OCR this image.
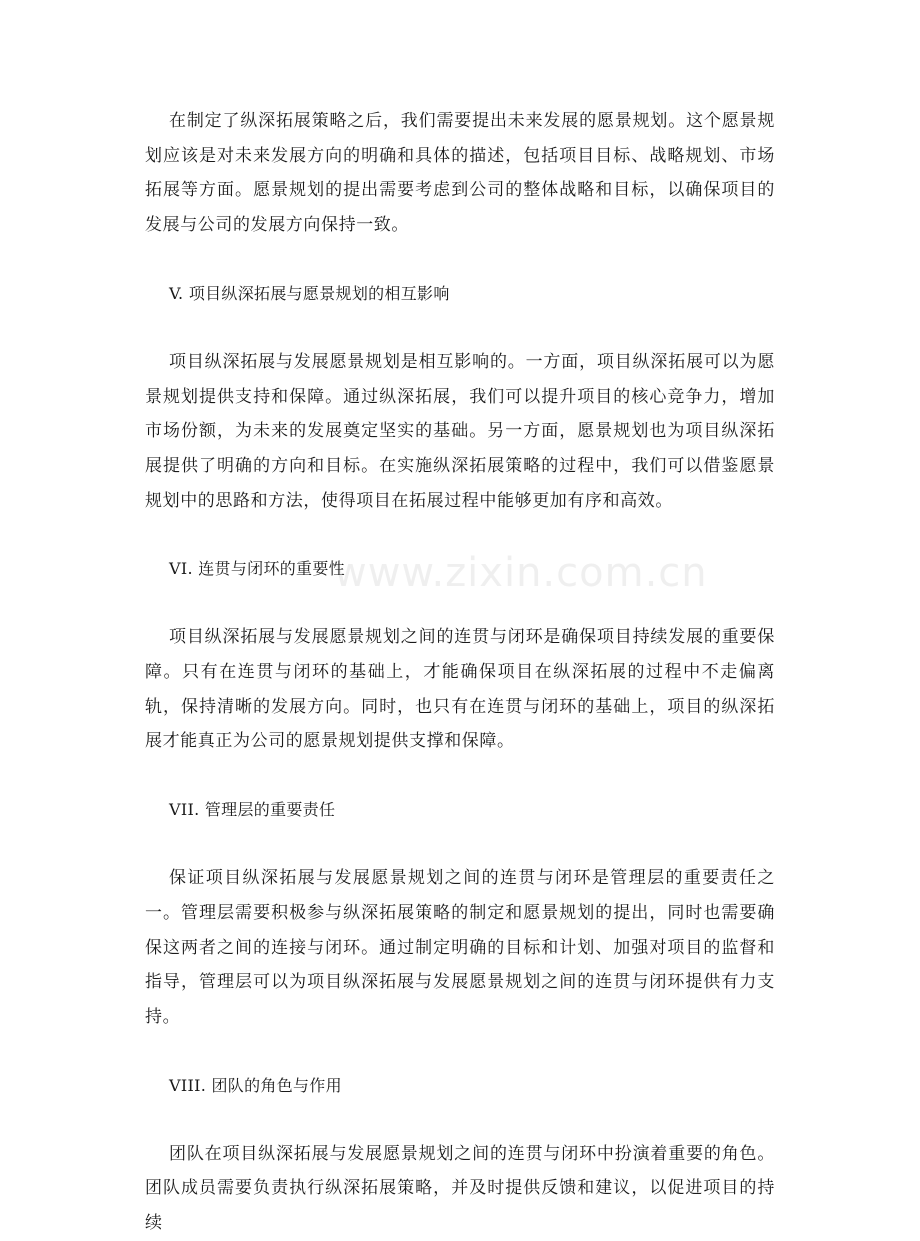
www.zixin.com.cn

在制定了纵深拓展策略之后，我们需要提出未来发展的愿景规划。这个愿景规划应该是对未来发展方向的明确和具体的描述，包括项目目标、战略规划、市场拓展等方面。愿景规划的提出需要考虑到公司的整体战略和目标，以确保项目的发展与公司的发展方向保持一致。

V. 项目纵深拓展与愿景规划的相互影响

项目纵深拓展与发展愿景规划是相互影响的。一方面，项目纵深拓展可以为愿景规划提供支持和保障。通过纵深拓展，我们可以提升项目的核心竞争力，增加市场份额，为未来的发展奠定坚实的基础。另一方面，愿景规划也为项目纵深拓展提供了明确的方向和目标。在实施纵深拓展策略的过程中，我们可以借鉴愿景规划中的思路和方法，使得项目在拓展过程中能够更加有序和高效。

VI. 连贯与闭环的重要性

项目纵深拓展与发展愿景规划之间的连贯与闭环是确保项目持续发展的重要保障。只有在连贯与闭环的基础上，才能确保项目在纵深拓展的过程中不走偏离轨，保持清晰的发展方向。同时，也只有在连贯与闭环的基础上，项目的纵深拓展才能真正为公司的愿景规划提供支撑和保障。

VII. 管理层的重要责任

保证项目纵深拓展与发展愿景规划之间的连贯与闭环是管理层的重要责任之一。管理层需要积极参与纵深拓展策略的制定和愿景规划的提出，同时也需要确保这两者之间的连接与闭环。通过制定明确的目标和计划、加强对项目的监督和指导，管理层可以为项目纵深拓展与发展愿景规划之间的连贯与闭环提供有力支持。

VIII. 团队的角色与作用

团队在项目纵深拓展与发展愿景规划之间的连贯与闭环中扮演着重要的角色。团队成员需要负责执行纵深拓展策略，并及时提供反馈和建议，以促进项目的持续
